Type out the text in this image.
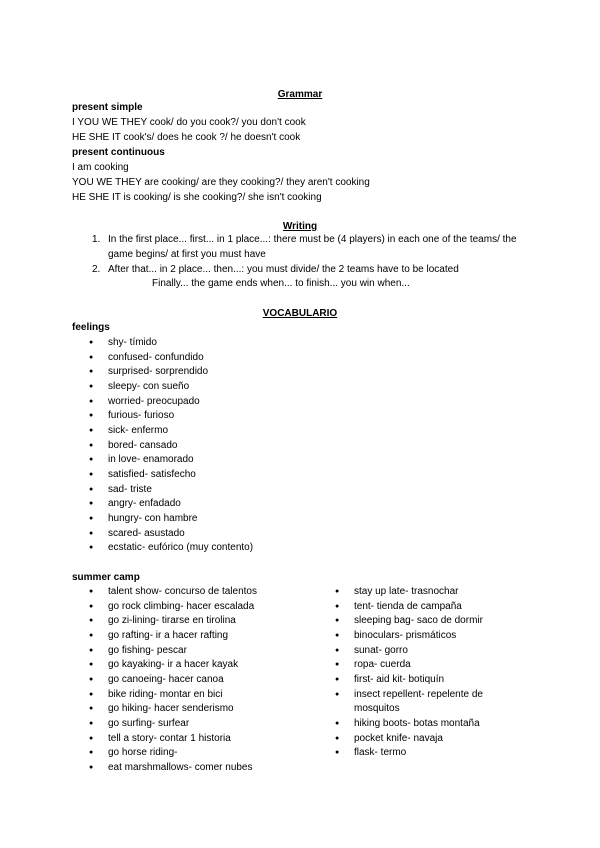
Grammar
present simple
I YOU WE THEY cook/ do you cook?/ you don't cook
HE SHE IT cook's/ does he cook ?/ he doesn't cook
present continuous
I am cooking
YOU WE THEY are cooking/ are they cooking?/ they aren't cooking
HE SHE IT is cooking/ is she cooking?/ she isn't cooking
Writing
1. In the first place... first... in 1 place...: there must be (4 players) in each one of the teams/ the game begins/ at first you must have
2. After that... in 2 place... then...: you must divide/ the 2 teams have to be located
Finally... the game ends when... to finish... you win when...
VOCABULARIO
feelings
● shy- tímido
● confused- confundido
● surprised- sorprendido
● sleepy- con sueño
● worried- preocupado
● furious- furioso
● sick- enfermo
● bored- cansado
● in love- enamorado
● satisfied- satisfecho
● sad- triste
● angry- enfadado
● hungry- con hambre
● scared- asustado
● ecstatic- eufórico (muy contento)
summer camp
● talent show- concurso de talentos
● go rock climbing- hacer escalada
● go zi-lining- tirarse en tirolina
● go rafting- ir a hacer rafting
● go fishing- pescar
● go kayaking- ir a hacer kayak
● go canoeing- hacer canoa
● bike riding- montar en bici
● go hiking- hacer senderismo
● go surfing- surfear
● tell a story- contar 1 historia
● go horse riding-
● eat marshmallows- comer nubes
● stay up late- trasnochar
● tent- tienda de campaña
● sleeping bag- saco de dormir
● binoculars- prismáticos
● sunat- gorro
● ropa- cuerda
● first- aid kit- botiquín
● insect repellent- repelente de mosquitos
● hiking boots- botas montaña
● pocket knife- navaja
● flask- termo
